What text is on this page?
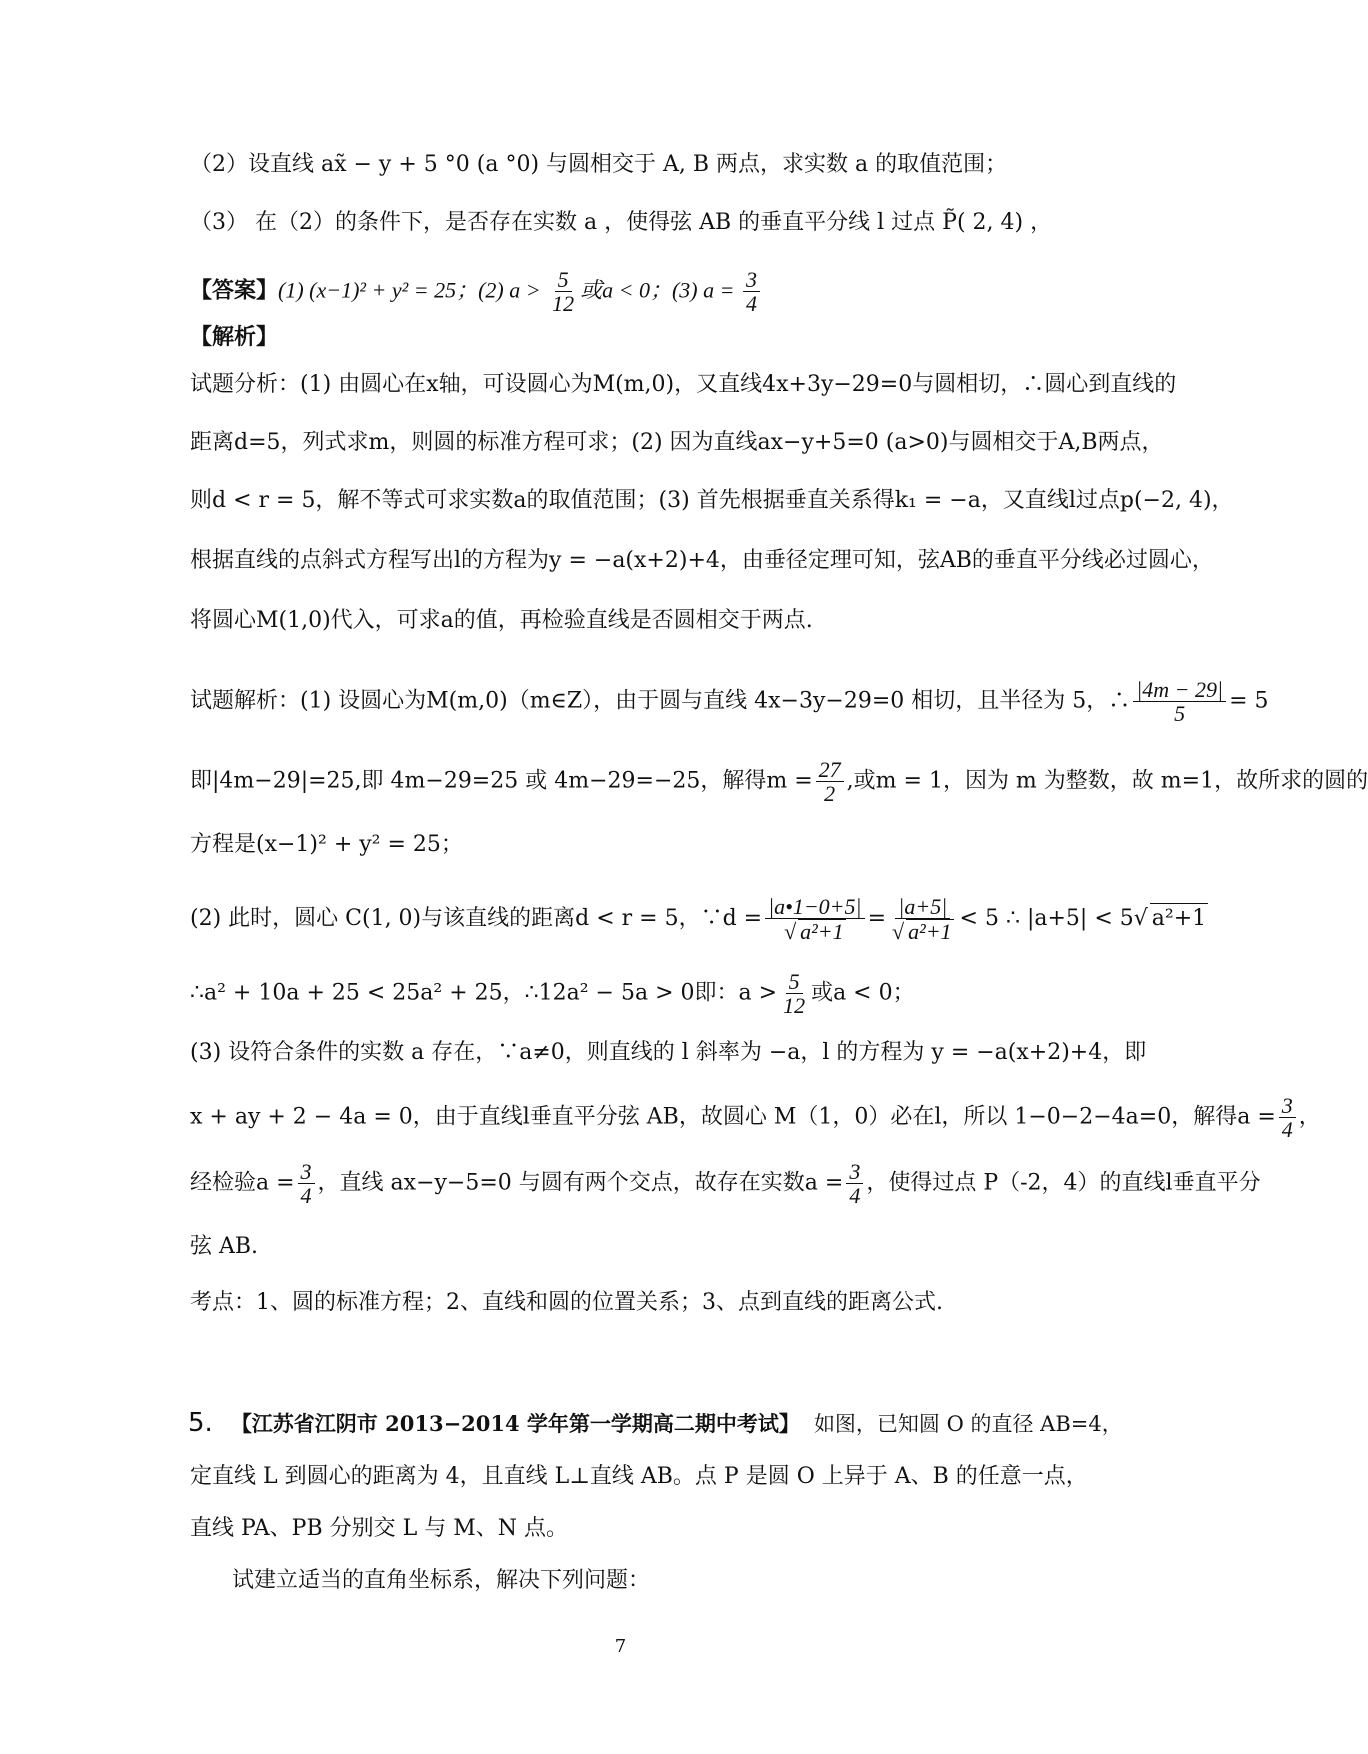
（2）设直线 ax̃ − y + 5 °0 (a °0) 与圆相交于 A, B 两点，求实数 a 的取值范围；
（3） 在（2）的条件下，是否存在实数 a ，使得弦 AB 的垂直平分线 l 过点 P̃( 2, 4) ，
【答案】(1) (x−1)² + y² = 25；(2) $a > \frac{5}{12}$ 或a < 0；(3) $a = \frac{3}{4}$
【解析】
试题分析：(1) 由圆心在x轴，可设圆心为M(m,0)，又直线4x+3y−29=0与圆相切，∴圆心到直线的
距离d=5，列式求m，则圆的标准方程可求；(2) 因为直线ax−y+5=0 (a>0)与圆相交于A,B两点，
则d < r = 5，解不等式可求实数a的取值范围；(3) 首先根据垂直关系得k₁ = −a，又直线l过点p(−2, 4)，
根据直线的点斜式方程写出l的方程为y = −a(x+2)+4，由垂径定理可知，弦AB的垂直平分线必过圆心，
将圆心M(1,0)代入，可求a的值，再检验直线是否圆相交于两点.
试题解析：(1) 设圆心为M(m,0)（m∈Z），由于圆与直线 4x−3y−29=0 相切，且半径为 5，∴ $\frac{|4m - 29|}{5} = 5$
即|4m−29|=25,即 4m−29=25 或 4m−29=−25，解得$m = \frac{27}{2}$ ,或m = 1，因为 m 为整数，故 m=1，故所求的圆的
方程是(x−1)² + y² = 25；
(2) 此时，圆心 C(1, 0)与该直线的距离d < r = 5，∵d = $\frac{|a•1-0+5|}{\text{√ a²+1}} = \frac{|a+5|}{\text{√ a²+1}} < 5$ ∴ |a+5| < 5√ a²+1
∴a² + 10a + 25 < 25a² + 25，∴12a² − 5a > 0即：$a > \frac{5}{12}$ 或a < 0；
(3) 设符合条件的实数 a 存在，∵a≠0，则直线的 l 斜率为 −a，l 的方程为 y = −a(x+2)+4，即
x + ay + 2 − 4a = 0，由于直线l垂直平分弦 AB，故圆心 M（1，0）必在l，所以 1−0−2−4a=0，解得$a = \frac{3}{4}$ ，
经检验$a = \frac{3}{4}$ ，直线 ax−y−5=0 与圆有两个交点，故存在实数$a = \frac{3}{4}$ ，使得过点 P（-2，4）的直线l垂直平分
弦 AB.
考点：1、圆的标准方程；2、直线和圆的位置关系；3、点到直线的距离公式.
5. 【江苏省江阴市 2013−2014 学年第一学期高二期中考试】 如图，已知圆 O 的直径 AB=4，
定直线 L 到圆心的距离为 4，且直线 L⊥直线 AB。点 P 是圆 O 上异于 A、B 的任意一点，
直线 PA、PB 分别交 L 与 M、N 点。
试建立适当的直角坐标系，解决下列问题：
7
